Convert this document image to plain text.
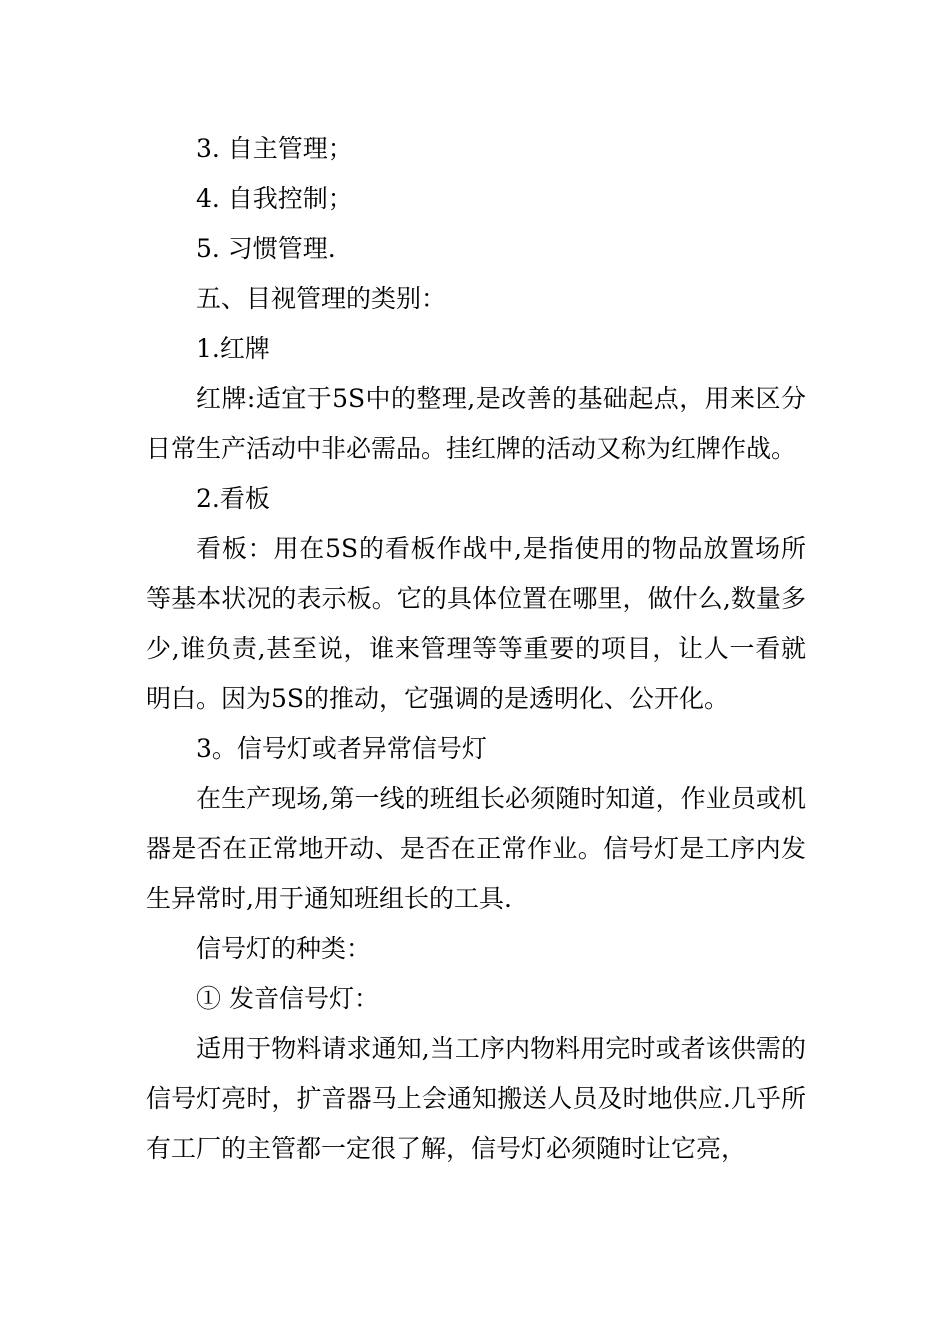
3. 自主管理；

4. 自我控制；

5. 习惯管理.

五、目视管理的类别：

1.红牌

红牌:适宜于5S中的整理,是改善的基础起点，用来区分日常生产活动中非必需品。挂红牌的活动又称为红牌作战。

2.看板

看板：用在5S的看板作战中,是指使用的物品放置场所等基本状况的表示板。它的具体位置在哪里，做什么,数量多少,谁负责,甚至说，谁来管理等等重要的项目，让人一看就明白。因为5S的推动，它强调的是透明化、公开化。

3。信号灯或者异常信号灯

在生产现场,第一线的班组长必须随时知道，作业员或机器是否在正常地开动、是否在正常作业。信号灯是工序内发生异常时,用于通知班组长的工具.

信号灯的种类：

① 发音信号灯：

适用于物料请求通知,当工序内物料用完时或者该供需的信号灯亮时，扩音器马上会通知搬送人员及时地供应.几乎所有工厂的主管都一定很了解，信号灯必须随时让它亮，
